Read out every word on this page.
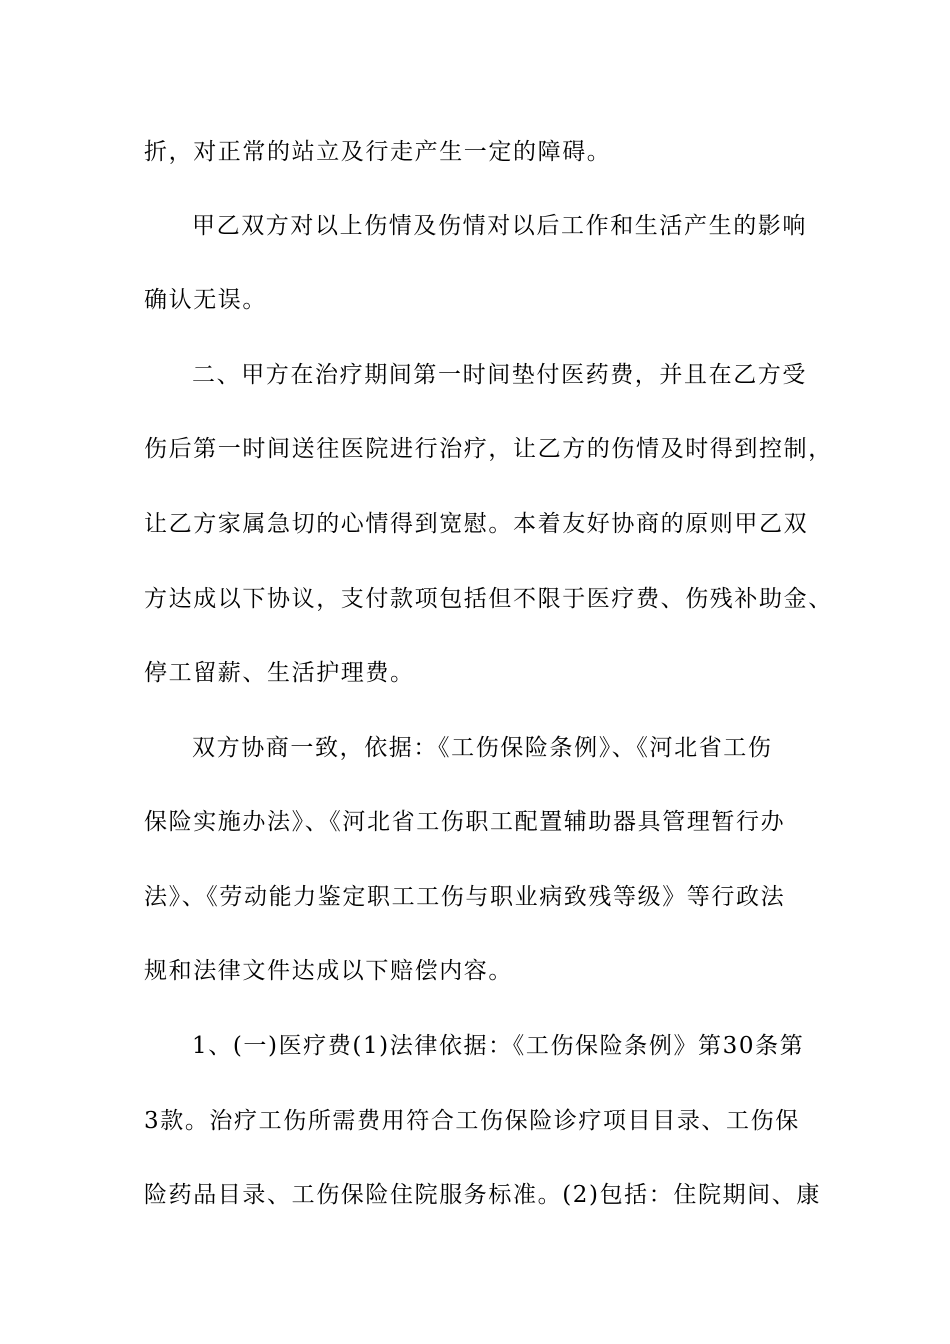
折，对正常的站立及行走产生一定的障碍。
甲乙双方对以上伤情及伤情对以后工作和生活产生的影响
确认无误。
二、甲方在治疗期间第一时间垫付医药费，并且在乙方受
伤后第一时间送往医院进行治疗，让乙方的伤情及时得到控制，
让乙方家属急切的心情得到宽慰。本着友好协商的原则甲乙双
方达成以下协议，支付款项包括但不限于医疗费、伤残补助金、
停工留薪、生活护理费。
双方协商一致，依据：《工伤保险条例》、《河北省工伤
保险实施办法》、《河北省工伤职工配置辅助器具管理暂行办
法》、《劳动能力鉴定职工工伤与职业病致残等级》等行政法
规和法律文件达成以下赔偿内容。
1、(一)医疗费(1)法律依据：《工伤保险条例》第30条第
3款。治疗工伤所需费用符合工伤保险诊疗项目目录、工伤保
险药品目录、工伤保险住院服务标准。(2)包括：住院期间、康
